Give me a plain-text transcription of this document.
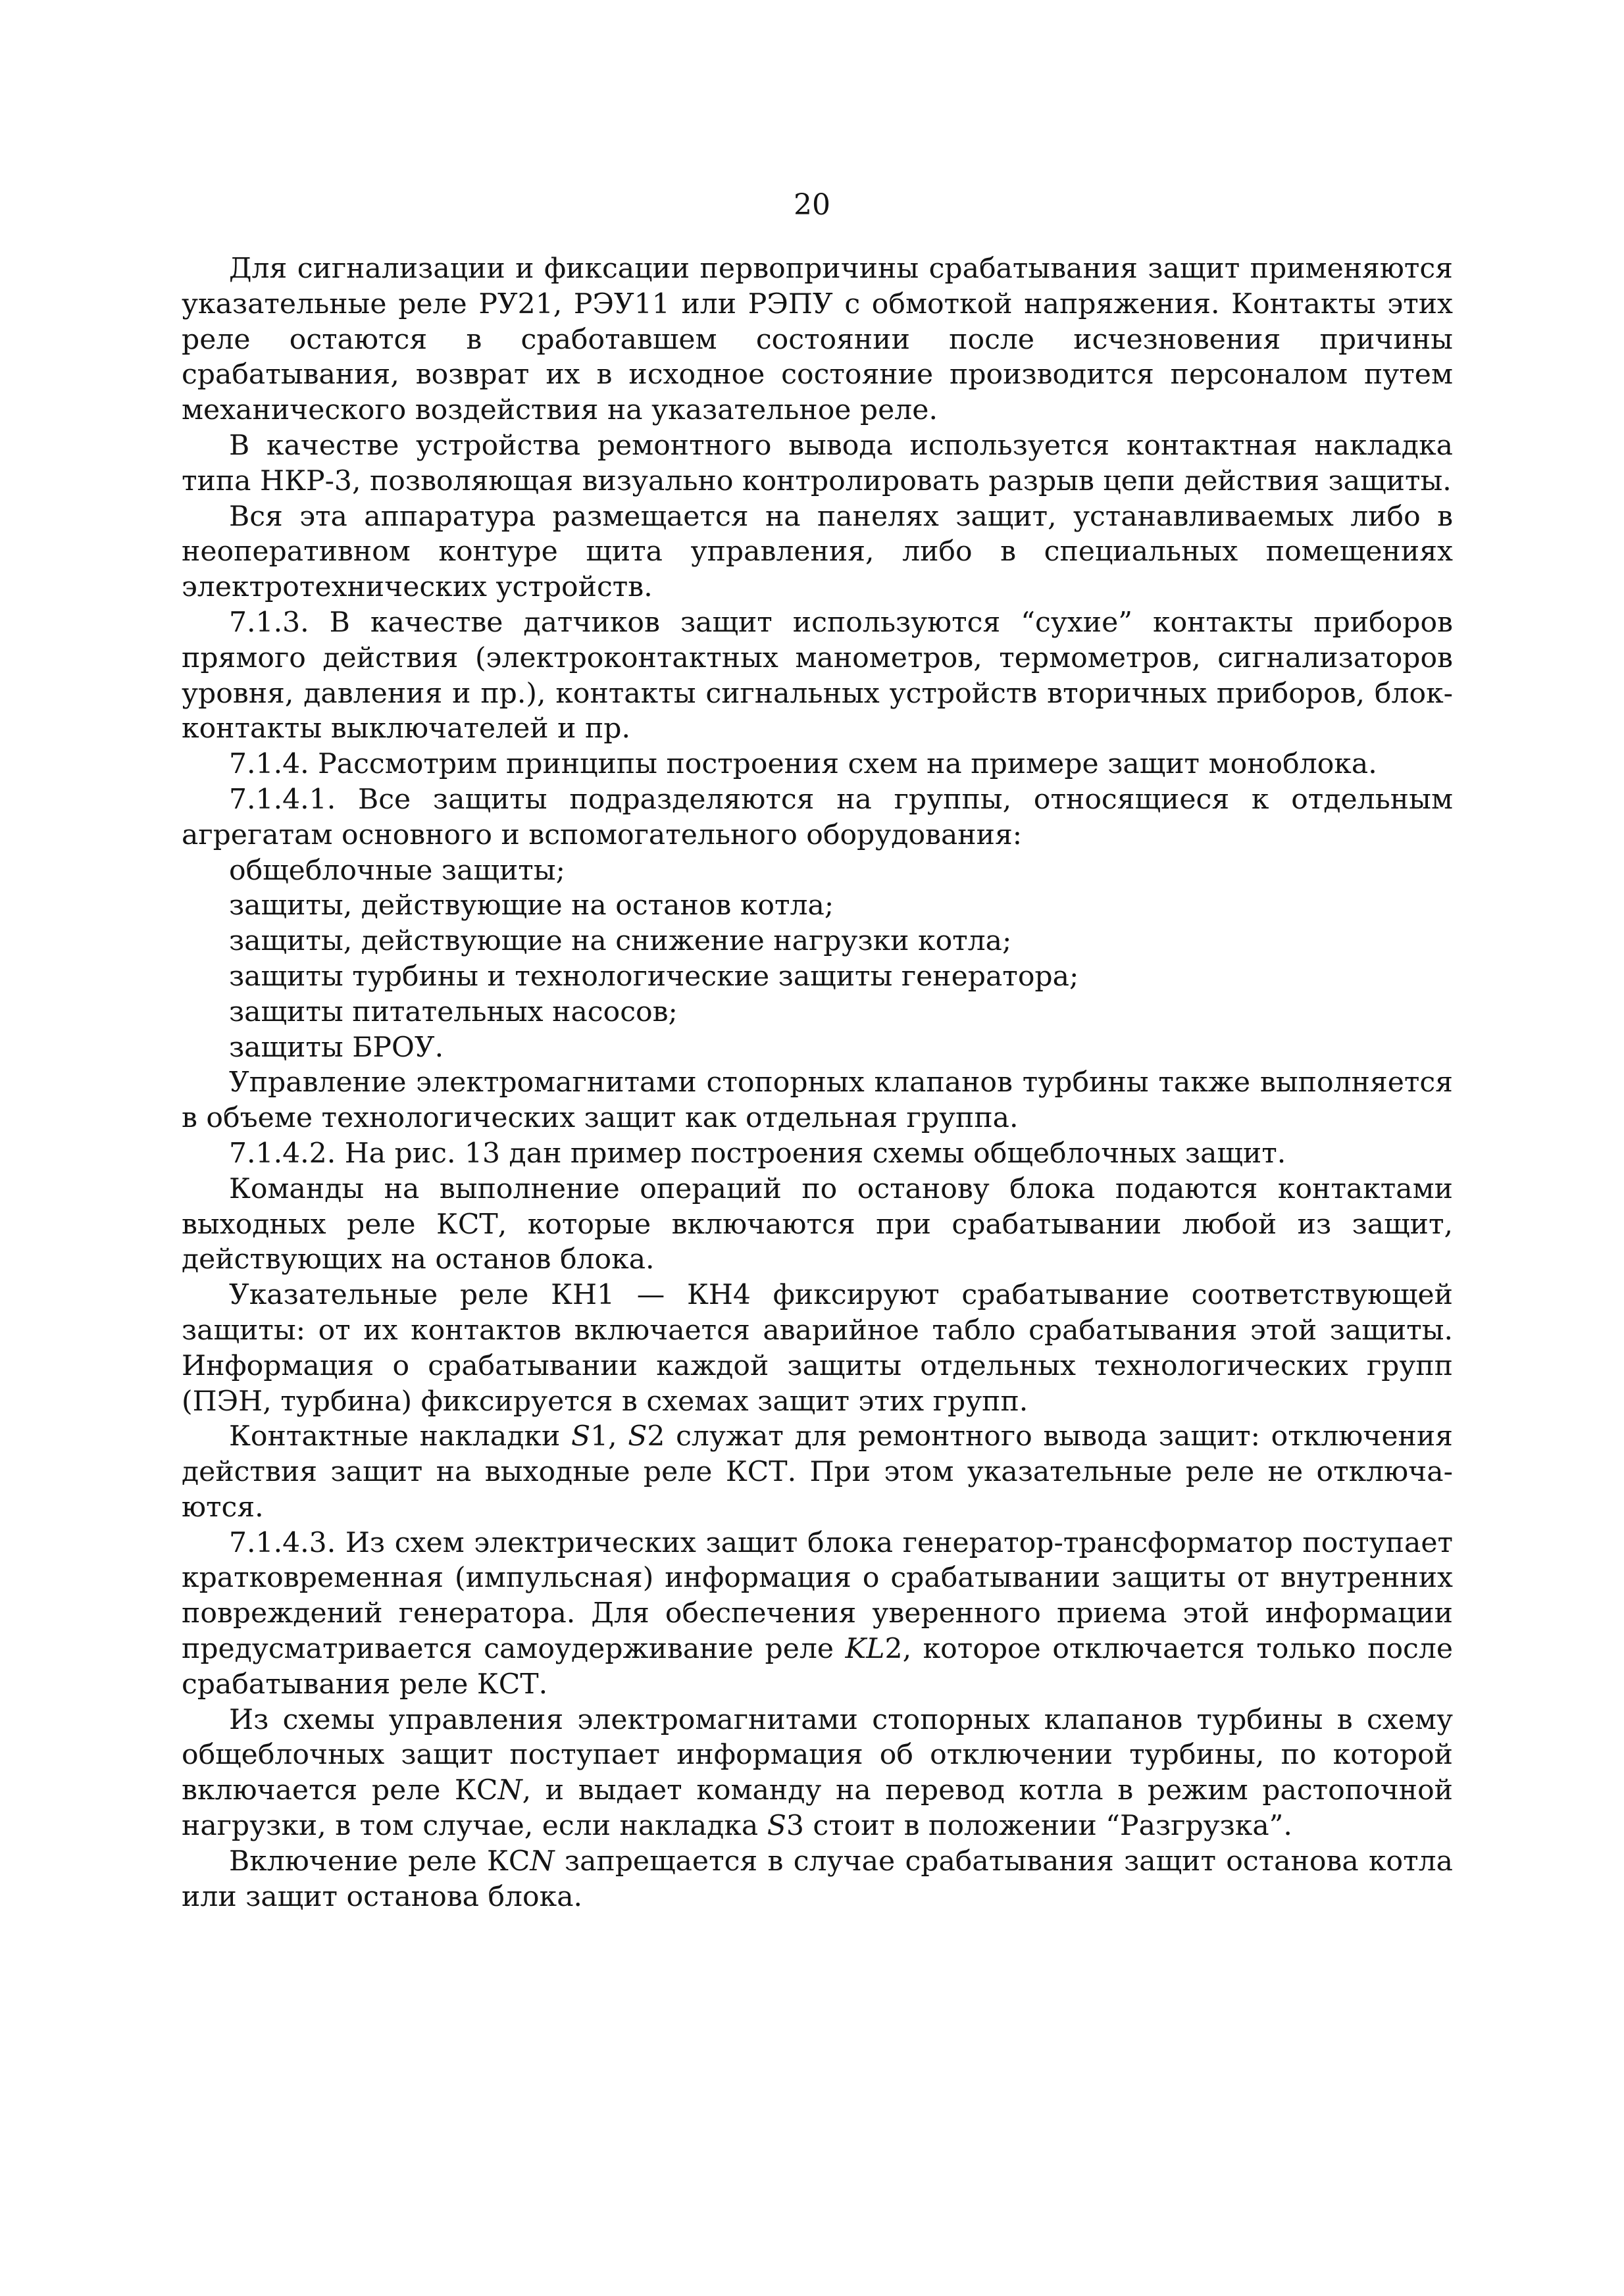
20

Для сигнализации и фиксации первопричины срабатывания защит применяются указательные реле РУ21, РЭУ11 или РЭПУ с обмоткой напряжения. Контакты этих реле остаются в сработавшем состоянии после исчезновения причины срабатывания, возврат их в исходное состояние производится персоналом путем механического воздействия на указательное реле.

В качестве устройства ремонтного вывода используется контактная накладка типа НКР-3, позволяющая визуально контролировать разрыв цепи действия защиты.

Вся эта аппаратура размещается на панелях защит, устанавливаемых либо в неоперативном контуре щита управления, либо в специальных помещениях электротехнических устройств.

7.1.3. В качестве датчиков защит используются “сухие” контакты приборов прямого действия (электроконтактных манометров, термометров, сигнализаторов уровня, давления и пр.), контакты сигнальных устройств вторичных приборов, блок-контакты выключателей и пр.

7.1.4. Рассмотрим принципы построения схем на примере защит моноблока.

7.1.4.1. Все защиты подразделяются на группы, относящиеся к отдельным агрегатам основного и вспомогательного оборудования:

общеблочные защиты;
защиты, действующие на останов котла;
защиты, действующие на снижение нагрузки котла;
защиты турбины и технологические защиты генератора;
защиты питательных насосов;
защиты БРОУ.

Управление электромагнитами стопорных клапанов турбины также выполняется в объеме технологических защит как отдельная группа.

7.1.4.2. На рис. 13 дан пример построения схемы общеблочных защит.

Команды на выполнение операций по останову блока подаются контактами выходных реле КСТ, которые включаются при срабатывании любой из защит, действующих на останов блока.

Указательные реле КН1 — КН4 фиксируют срабатывание соответствующей защиты: от их контактов включается аварийное табло срабатывания этой защиты. Информация о срабатывании каждой защиты отдельных технологических групп (ПЭН, турбина) фиксируется в схемах защит этих групп.

Контактные накладки S1, S2 служат для ремонтного вывода защит: отключения действия защит на выходные реле КСТ. При этом указательные реле не отключаются.

7.1.4.3. Из схем электрических защит блока генератор-трансформатор поступает кратковременная (импульсная) информация о срабатывании защиты от внутренних повреждений генератора. Для обеспечения уверенного приема этой информации предусматривается самоудерживание реле KL2, которое отключается только после срабатывания реле КСТ.

Из схемы управления электромагнитами стопорных клапанов турбины в схему общеблочных защит поступает информация об отключении турбины, по которой включается реле КСN, и выдает команду на перевод котла в режим растопочной нагрузки, в том случае, если накладка S3 стоит в положении “Разгрузка”.

Включение реле КСN запрещается в случае срабатывания защит останова котла или защит останова блока.
